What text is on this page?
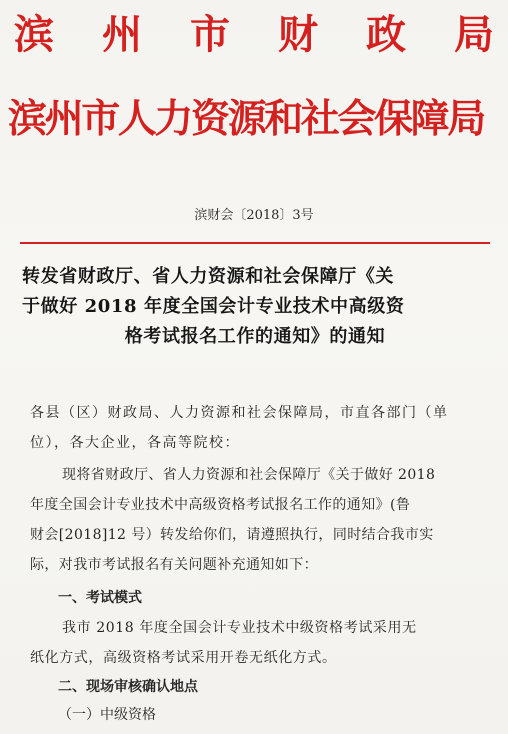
滨 州 市 财 政 局
滨州市人力资源和社会保障局
滨财会〔2018〕3号
转发省财政厅、省人力资源和社会保障厅《关
于做好 2018 年度全国会计专业技术中高级资
格考试报名工作的通知》的通知
各县（区）财政局、人力资源和社会保障局，市直各部门（单
位），各大企业，各高等院校：
现将省财政厅、省人力资源和社会保障厅《关于做好 2018
年度全国会计专业技术中高级资格考试报名工作的通知》(鲁
财会[2018]12 号）转发给你们，请遵照执行，同时结合我市实
际，对我市考试报名有关问题补充通知如下：
一、考试模式
我市 2018 年度全国会计专业技术中级资格考试采用无
纸化方式，高级资格考试采用开卷无纸化方式。
二、现场审核确认地点
（一）中级资格
